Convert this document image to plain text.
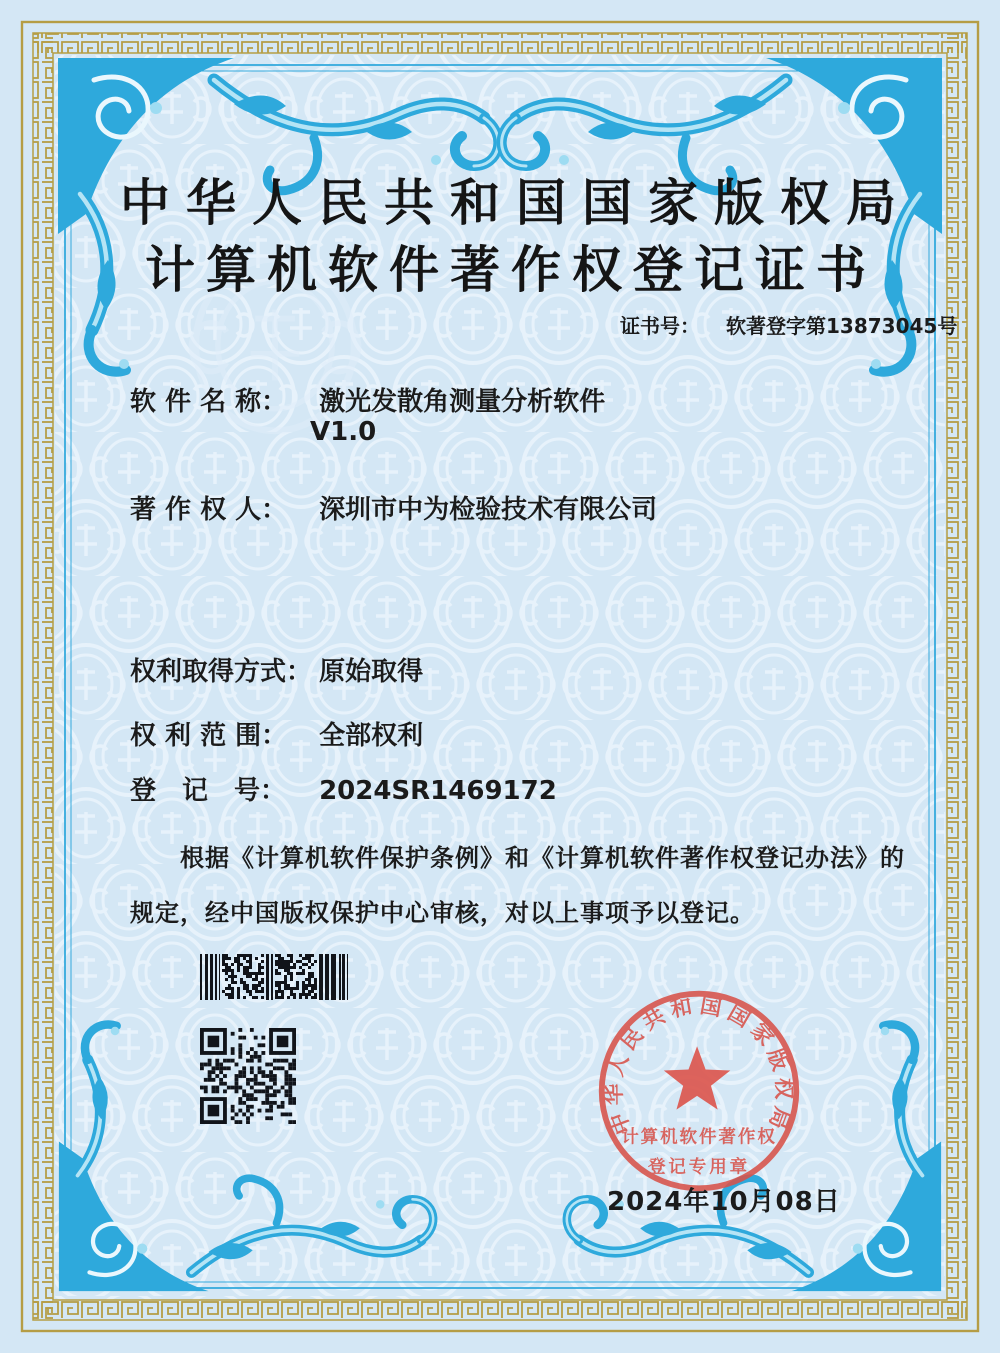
中华人民共和国国家版权局
计算机软件著作权登记证书
证书号： 软著登字第13873045号
软 件 名 称： 激光发散角测量分析软件
V1.0
著 作 权 人： 深圳市中为检验技术有限公司
权利取得方式： 原始取得
权 利 范 围： 全部权利
登　记　号： 2024SR1469172
根据《计算机软件保护条例》和《计算机软件著作权登记办法》的
规定，经中国版权保护中心审核，对以上事项予以登记。
中华人民共和国国家版权局
计算机软件著作权
登记专用章
2024年10月08日
